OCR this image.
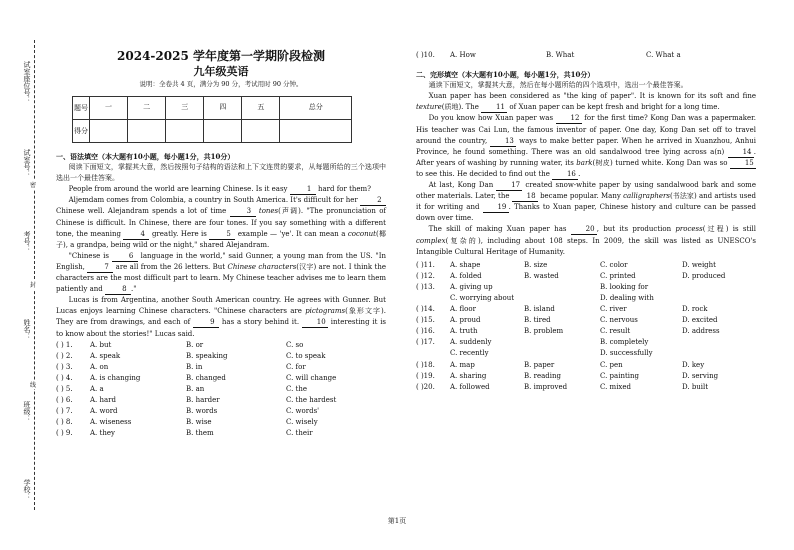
试室座位号：
试室号：
考号：
姓名：
班级：
学校：
密
封
线
2024-2025 学年度第一学期阶段检测
九年级英语
说明：全卷共 4 页，满分为 90 分，考试用时 90 分钟。
题号	一	二	三	四	五	总分
得分						
一、语法填空（本大题有10小题，每小题1分，共10分）

阅读下面短文，掌握其大意，然后按照句子结构的语法和上下文连贯的要求，从每题所给的三个选项中选出一个最佳答案。

People from around the world are learning Chinese. Is it easy	1 hard for them?

Aljemdam comes from Colombia, a country in South America. It's difficult for her	2 Chinese well. Alejandram spends a lot of time	3 tones(声调). "The pronunciation of Chinese is difficult. In Chinese, there are four tones. If you say something with a different tone, the meaning	4 greatly. Here is	5 example — 'ye'. It can mean a coconut(椰子), a grandpa, being wild or the night," shared Alejandram.

"Chinese is	6 language in the world," said Gunner, a young man from the US. "In English,	7 are all from the 26 letters. But Chinese characters(汉字) are not. I think the characters are the most difficult part to learn. My Chinese teacher advises me to learn them patiently and	8 ."

Lucas is from Argentina, another South American country. He agrees with Gunner. But Lucas enjoys learning Chinese characters. "Chinese characters are pictograms(象形文字). They are from drawings, and each of	9 has a story behind it.	10 interesting it is to know about the stories!" Lucas said.

( ) 1.	A. but	B. or	C. so
( ) 2.	A. speak	B. speaking	C. to speak
( ) 3.	A. on	B. in	C. for
( ) 4.	A. is changing	B. changed	C. will change
( ) 5.	A. a	B. an	C. the
( ) 6.	A. hard	B. harder	C. the hardest
( ) 7.	A. word	B. words	C. words'
( ) 8.	A. wiseness	B. wise	C. wisely
( ) 9.	A. they	B. them	C. their
( )10.	A. How	B. What	C. What a
二、完形填空（本大题有10小题，每小题1分，共10分）

通读下面短文，掌握其大意，然后在每小题所给的四个选项中，选出一个最佳答案。

Xuan paper has been considered as "the king of paper". It is known for its soft and fine texture(质地). The 11 of Xuan paper can be kept fresh and bright for a long time.

Do you know how Xuan paper was 12 for the first time? Kong Dan was a papermaker. His teacher was Cai Lun, the famous inventor of paper. One day, Kong Dan set off to travel around the country,	13 ways to make better paper. When he arrived in Xuanzhou, Anhui Province, he found something. There was an old sandalwood tree lying across a(n)	14 . After years of washing by running water, its bark(树皮) turned white. Kong Dan was so 15 to see this. He decided to find out the 16 .

At last, Kong Dan	17 created snow-white paper by using sandalwood bark and some other materials. Later, the 18 became popular. Many calligraphers(书法家) and artists used it for writing and	19 . Thanks to Xuan paper, Chinese history and culture can be passed down over time.

The skill of making Xuan paper has	20 , but its production process(过程) is still complex(复杂的), including about 108 steps. In 2009, the skill was listed as UNESCO's Intangible Cultural Heritage of Humanity.

( )11.	A. shape	B. size	C. color	D. weight
( )12.	A. folded	B. wasted	C. printed	D. produced
( )13.	A. giving up	B. looking for
C. worrying about	D. dealing with
( )14.	A. floor	B. island	C. river	D. rock
( )15.	A. proud	B. tired	C. nervous	D. excited
( )16.	A. truth	B. problem	C. result	D. address
( )17.	A. suddenly	B. completely
C. recently	D. successfully
( )18.	A. map	B. paper	C. pen	D. key
( )19.	A. sharing	B. reading	C. painting	D. serving
( )20.	A. followed	B. improved	C. mixed	D. built
第1页
